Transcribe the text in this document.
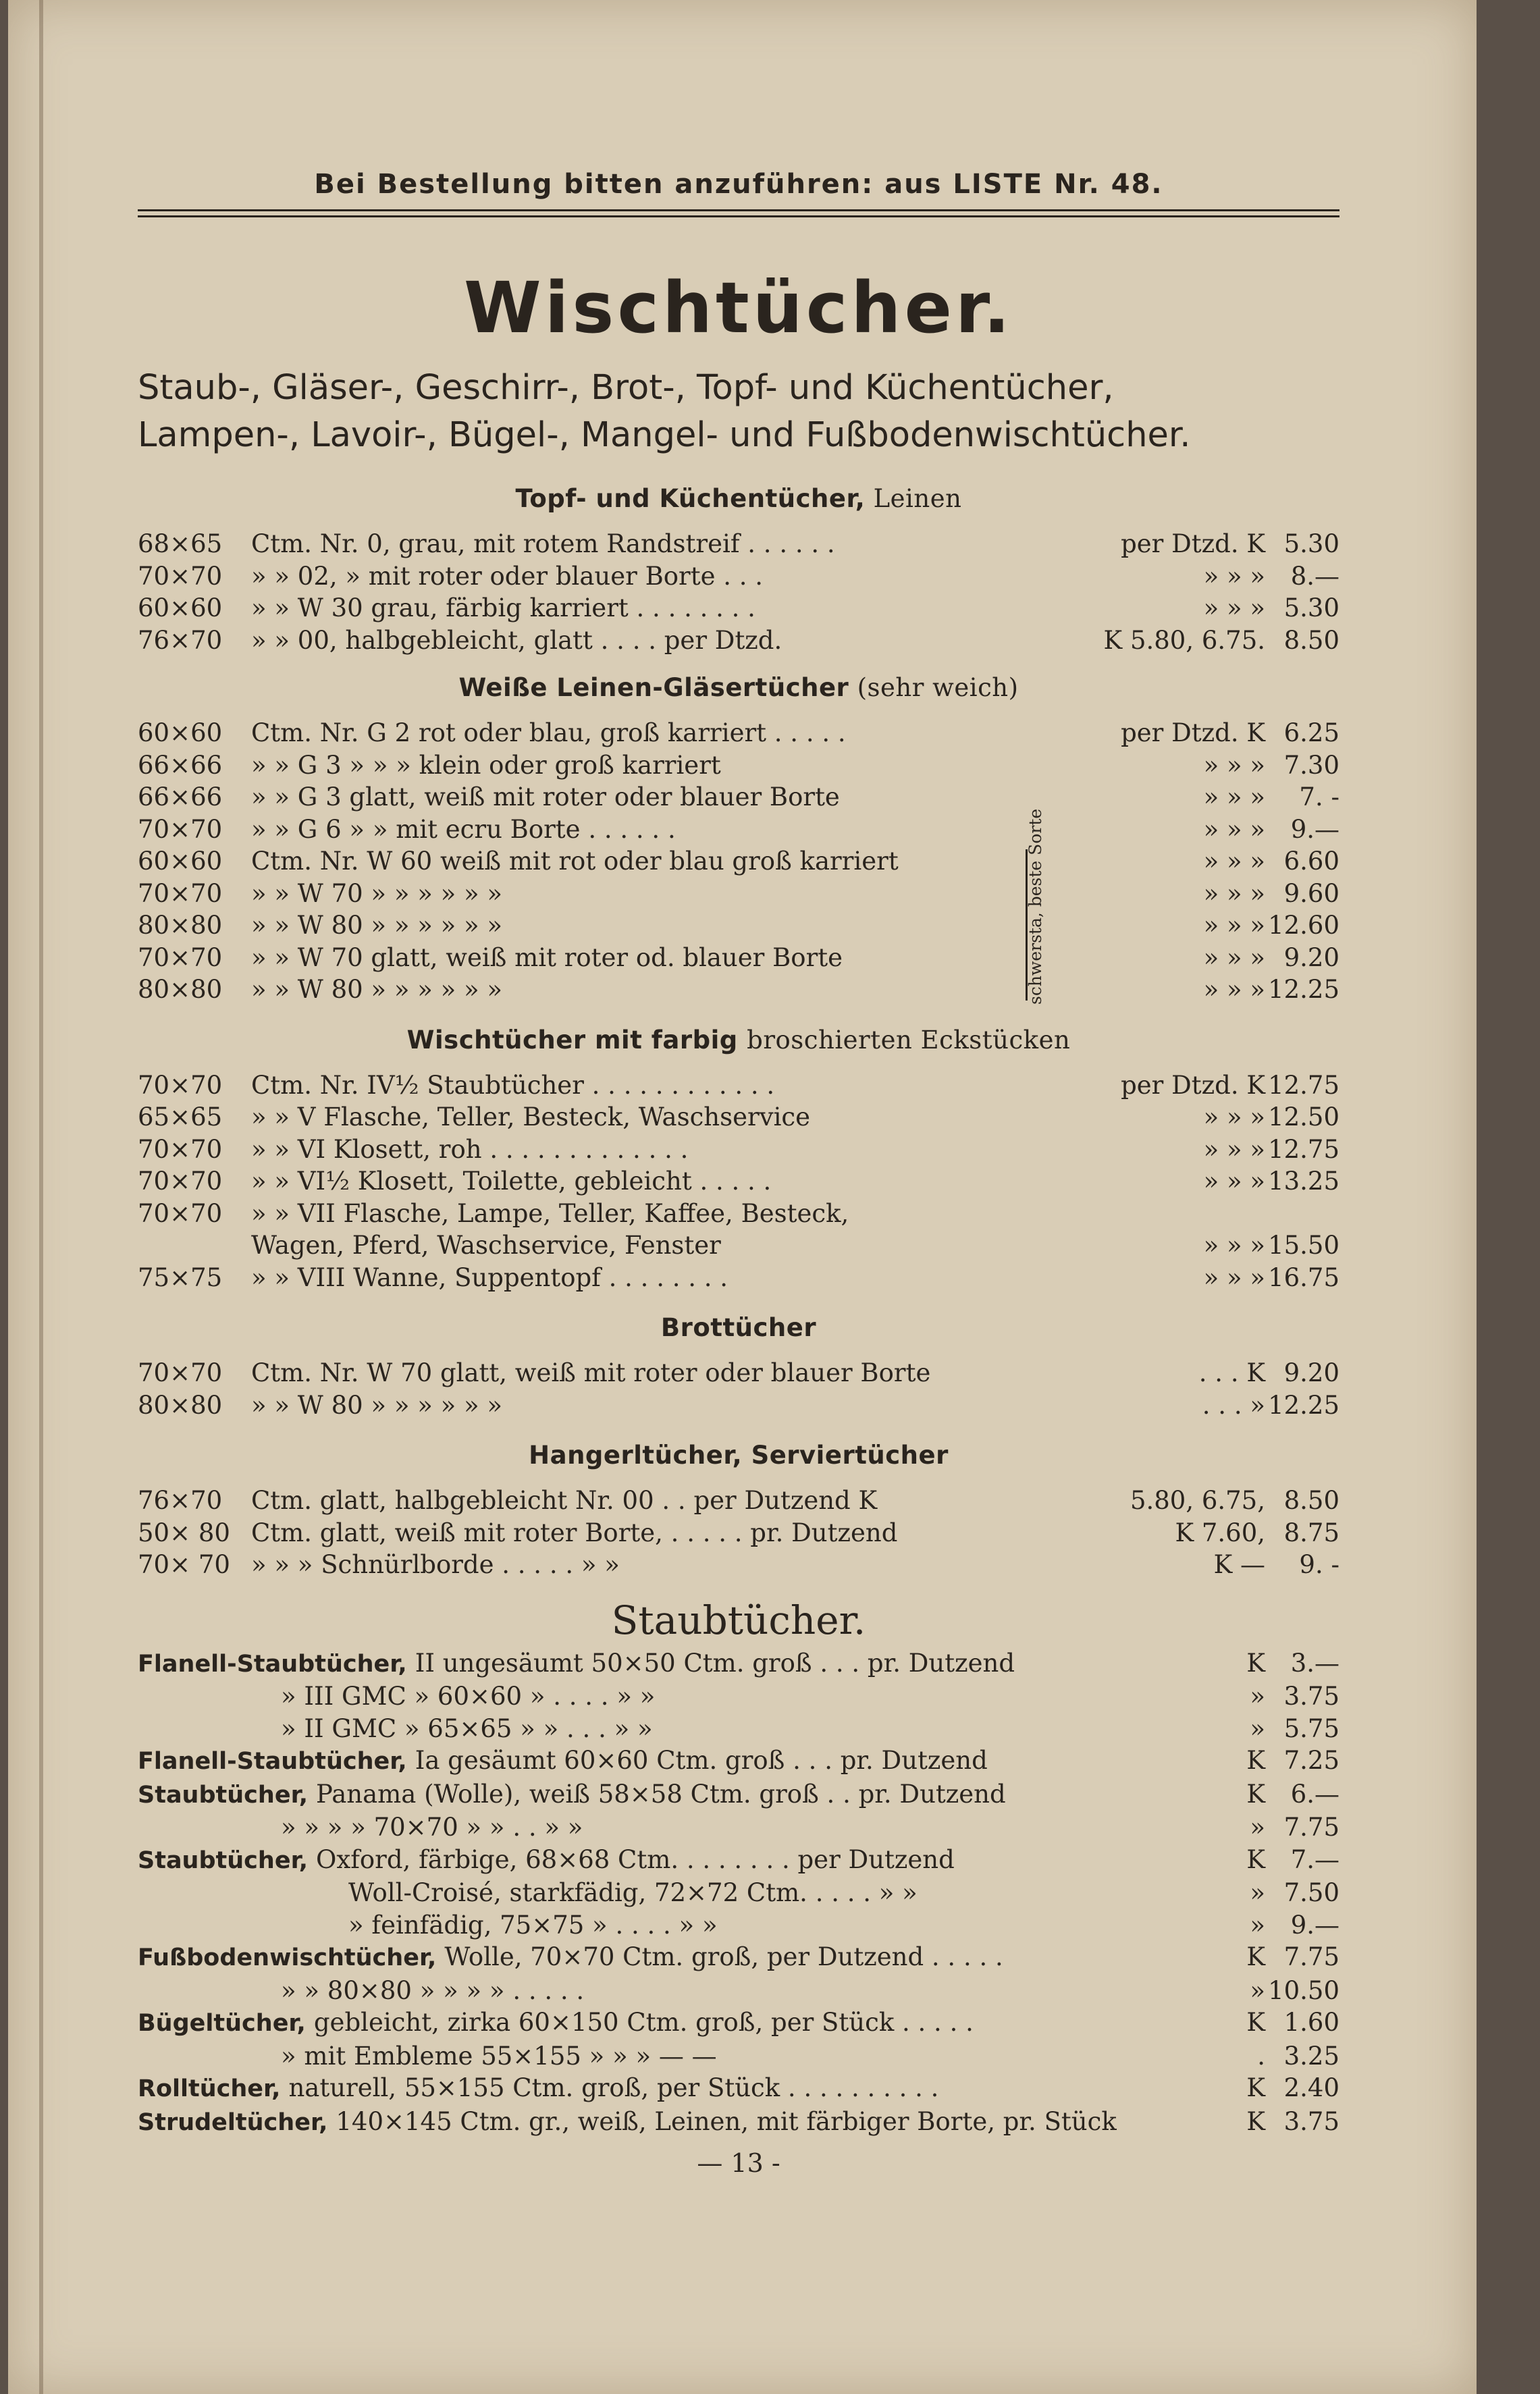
Bei Bestellung bitten anzuführen: aus LISTE Nr. 48.
Wischtücher.
Staub-, Gläser-, Geschirr-, Brot-, Topf- und Küchentücher,
Lampen-, Lavoir-, Bügel-, Mangel- und Fußbodenwischtücher.
Topf- und Küchentücher, Leinen
68×65	Ctm. Nr. 0, grau, mit rotem Randstreif . . . . . .	per Dtzd. K 5.30
70×70	» » 02, » mit roter oder blauer Borte . . .	» » »	8.—
60×60	» » W 30 grau, färbig karriert . . . . . . . .	» » » 5.30
76×70	» » 00, halbgebleicht, glatt . . . . per Dtzd.	K 5.80, 6.75. 8.50
Weiße Leinen-Gläsertücher (sehr weich)
60×60	Ctm. Nr. G 2 rot oder blau, groß karriert . . . . .	per Dtzd. K 6.25
66×66	» » G 3 » » » klein oder groß karriert	» » » 7.30
66×66	» » G 3 glatt, weiß mit roter oder blauer Borte	» » »	7. -
70×70	» » G 6 » » mit ecru Borte . . . . . .	» » »	9.—
60×60	Ctm. Nr. W 60 weiß mit rot oder blau groß karriert	» » » 6.60
70×70	» » W 70 » » » » » »	» » » 9.60
80×80	» » W 80 » » » » » »	» » » 12.60
70×70	» » W 70 glatt, weiß mit roter od. blauer Borte	» » » 9.20
80×80	» » W 80 » » » » » »	» » » 12.25
schwersta, beste Sorte
Wischtücher mit farbig broschierten Eckstücken
70×70	Ctm. Nr. IV½ Staubtücher . . . . . . . . . . . .	per Dtzd. K 12.75
65×65	» » V Flasche, Teller, Besteck, Waschservice	» » » 12.50
70×70	» » VI Klosett, roh . . . . . . . . . . . . .	» » » 12.75
70×70	» » VI½ Klosett, Toilette, gebleicht . . . . .	» » » 13.25
70×70	» » VII Flasche, Lampe, Teller, Kaffee, Besteck,
Wagen, Pferd, Waschservice, Fenster	» » » 15.50
75×75	» » VIII Wanne, Suppentopf . . . . . . . .	» » » 16.75
Brottücher
70×70	Ctm. Nr. W 70 glatt, weiß mit roter oder blauer Borte	. . . K 9.20
80×80	» » W 80 » » » » » »	. . . » 12.25
Hangerltücher, Serviertücher
76×70	Ctm. glatt, halbgebleicht Nr. 00 . . per Dutzend K	5.80, 6.75, 8.50
50× 80 Ctm. glatt, weiß mit roter Borte, . . . . . pr. Dutzend	K 7.60, 8.75
70× 70 » » » Schnürlborde . . . . . » »	K —	9. -
Staubtücher.
Flanell-Staubtücher, II ungesäumt 50×50 Ctm. groß . . . pr. Dutzend	K	3.—
» III GMC » 60×60 » . . . . » »	» 3.75
» II GMC » 65×65 » » . . . » »	» 5.75
Flanell-Staubtücher, Ia gesäumt 60×60 Ctm. groß . . . pr. Dutzend	K 7.25
Staubtücher, Panama (Wolle), weiß 58×58 Ctm. groß . . pr. Dutzend	K	6.—
» » » » 70×70 » » . . » »	» 7.75
Staubtücher, Oxford, färbige, 68×68 Ctm. . . . . . . . per Dutzend	K	7.—
Woll-Croisé, starkfädig, 72×72 Ctm. . . . . » »	» 7.50
» feinfädig, 75×75 » . . . . » »	»	9.—
Fußbodenwischtücher, Wolle, 70×70 Ctm. groß, per Dutzend . . . . .	K 7.75
» » 80×80 » » » » . . . . .	» 10.50
Bügeltücher, gebleicht, zirka 60×150 Ctm. groß, per Stück . . . . .	K 1.60
» mit Embleme 55×155 » » » — —	. 3.25
Rolltücher, naturell, 55×155 Ctm. groß, per Stück . . . . . . . . . .	K 2.40
Strudeltücher, 140×145 Ctm. gr., weiß, Leinen, mit färbiger Borte, pr. Stück	K 3.75
— 13 -
